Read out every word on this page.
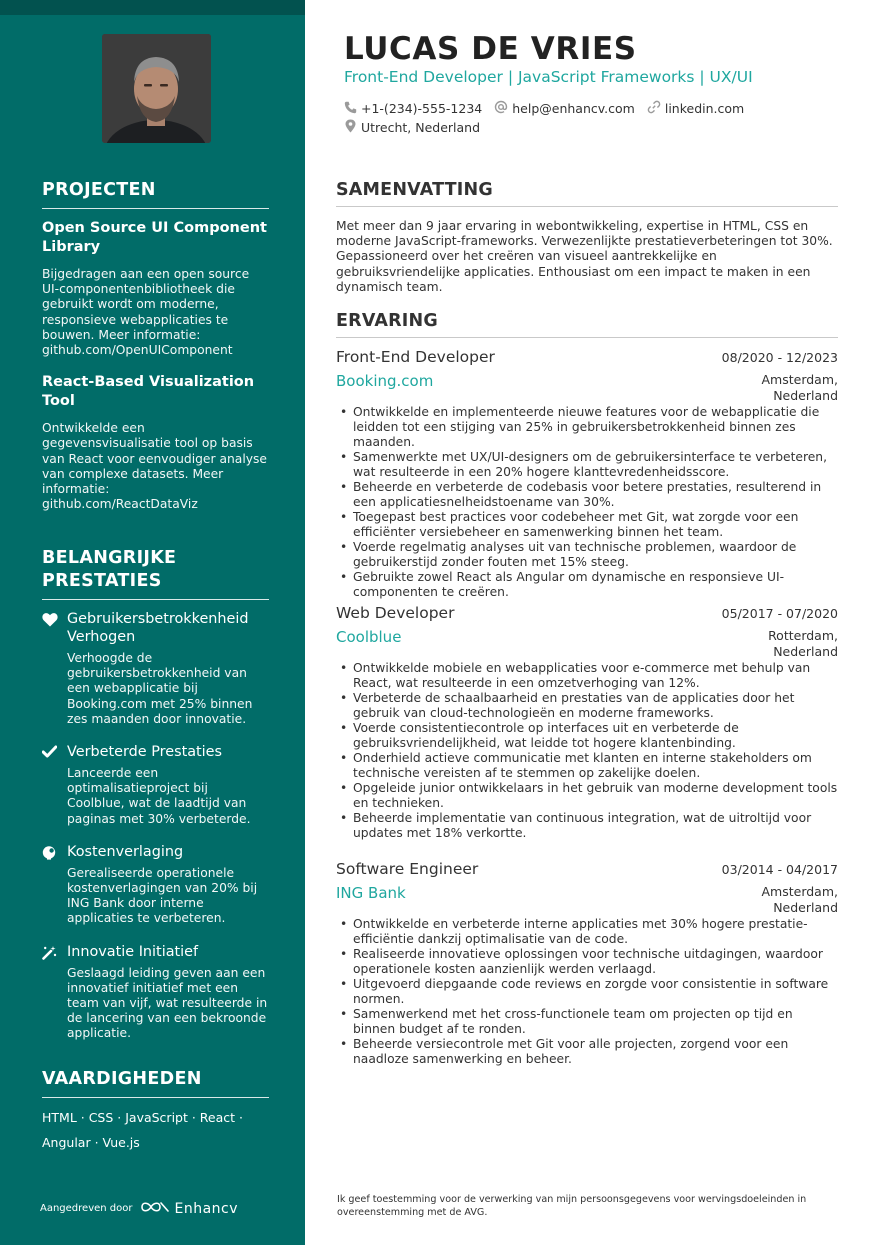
PROJECTEN
Open Source UI Component Library
Bijgedragen aan een open source UI-componentenbibliotheek die gebruikt wordt om moderne, responsieve webapplicaties te bouwen. Meer informatie: github.com/OpenUIComponent
React-Based Visualization Tool
Ontwikkelde een gegevensvisualisatie tool op basis van React voor eenvoudiger analyse van complexe datasets. Meer informatie: github.com/ReactDataViz
BELANGRIJKE
PRESTATIES
Gebruikersbetrokkenheid Verhogen
Verhoogde de gebruikersbetrokkenheid van een webapplicatie bij Booking.com met 25% binnen zes maanden door innovatie.
Verbeterde Prestaties
Lanceerde een optimalisatieproject bij Coolblue, wat de laadtijd van paginas met 30% verbeterde.
Kostenverlaging
Gerealiseerde operationele kostenverlagingen van 20% bij ING Bank door interne applicaties te verbeteren.
Innovatie Initiatief
Geslaagd leiding geven aan een innovatief initiatief met een team van vijf, wat resulteerde in de lancering van een bekroonde applicatie.
VAARDIGHEDEN
HTML · CSS · JavaScript · React ·
Angular · Vue.js
Aangedreven door	Enhancv
LUCAS DE VRIES
Front-End Developer | JavaScript Frameworks | UX/UI
+1-(234)-555-1234 help@enhancv.com linkedin.com
Utrecht, Nederland
SAMENVATTING

Met meer dan 9 jaar ervaring in webontwikkeling, expertise in HTML, CSS en moderne JavaScript-frameworks. Verwezenlijkte prestatieverbeteringen tot 30%. Gepassioneerd over het creëren van visueel aantrekkelijke en gebruiksvriendelijke applicaties. Enthousiast om een impact te maken in een dynamisch team.

ERVARING
Front-End Developer	08/2020 - 12/2023
Booking.com	Amsterdam, Nederland
• Ontwikkelde en implementeerde nieuwe features voor de webapplicatie die leidden tot een stijging van 25% in gebruikersbetrokkenheid binnen zes maanden.
• Samenwerkte met UX/UI-designers om de gebruikersinterface te verbeteren, wat resulteerde in een 20% hogere klanttevredenheidsscore.
• Beheerde en verbeterde de codebasis voor betere prestaties, resulterend in een applicatiesnelheidstoename van 30%.
• Toegepast best practices voor codebeheer met Git, wat zorgde voor een efficiënter versiebeheer en samenwerking binnen het team.
• Voerde regelmatig analyses uit van technische problemen, waardoor de gebruikerstijd zonder fouten met 15% steeg.
• Gebruikte zowel React als Angular om dynamische en responsieve UI-componenten te creëren.
Web Developer	05/2017 - 07/2020
Coolblue	Rotterdam, Nederland
• Ontwikkelde mobiele en webapplicaties voor e-commerce met behulp van React, wat resulteerde in een omzetverhoging van 12%.
• Verbeterde de schaalbaarheid en prestaties van de applicaties door het gebruik van cloud-technologieën en moderne frameworks.
• Voerde consistentiecontrole op interfaces uit en verbeterde de gebruiksvriendelijkheid, wat leidde tot hogere klantenbinding.
• Onderhield actieve communicatie met klanten en interne stakeholders om technische vereisten af te stemmen op zakelijke doelen.
• Opgeleide junior ontwikkelaars in het gebruik van moderne development tools en technieken.
• Beheerde implementatie van continuous integration, wat de uitroltijd voor updates met 18% verkortte.
Software Engineer	03/2014 - 04/2017
ING Bank	Amsterdam, Nederland
• Ontwikkelde en verbeterde interne applicaties met 30% hogere prestatie-efficiëntie dankzij optimalisatie van de code.
• Realiseerde innovatieve oplossingen voor technische uitdagingen, waardoor operationele kosten aanzienlijk werden verlaagd.
• Uitgevoerd diepgaande code reviews en zorgde voor consistentie in software normen.
• Samenwerkend met het cross-functionele team om projecten op tijd en binnen budget af te ronden.
• Beheerde versiecontrole met Git voor alle projecten, zorgend voor een naadloze samenwerking en beheer.

Ik geef toestemming voor de verwerking van mijn persoonsgegevens voor wervingsdoeleinden in overeenstemming met de AVG.
